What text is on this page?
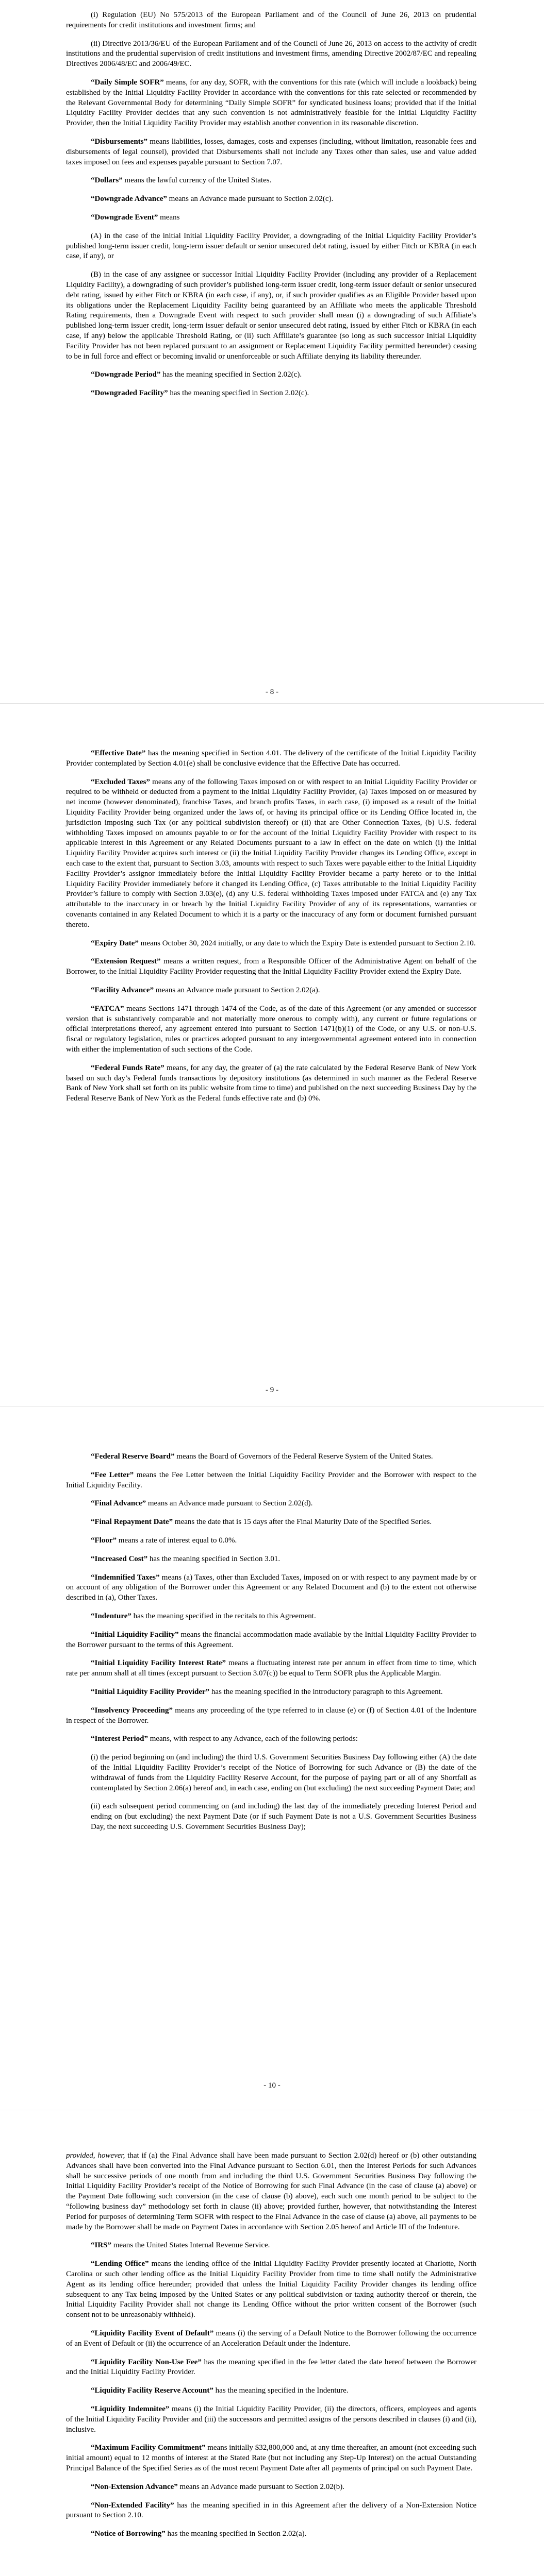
(i) Regulation (EU) No 575/2013 of the European Parliament and of the Council of June 26, 2013 on prudential requirements for credit institutions and investment firms; and

(ii) Directive 2013/36/EU of the European Parliament and of the Council of June 26, 2013 on access to the activity of credit institutions and the prudential supervision of credit institutions and investment firms, amending Directive 2002/87/EC and repealing Directives 2006/48/EC and 2006/49/EC.

“Daily Simple SOFR” means, for any day, SOFR, with the conventions for this rate (which will include a lookback) being established by the Initial Liquidity Facility Provider in accordance with the conventions for this rate selected or recommended by the Relevant Governmental Body for determining “Daily Simple SOFR” for syndicated business loans; provided that if the Initial Liquidity Facility Provider decides that any such convention is not administratively feasible for the Initial Liquidity Facility Provider, then the Initial Liquidity Facility Provider may establish another convention in its reasonable discretion.

“Disbursements” means liabilities, losses, damages, costs and expenses (including, without limitation, reasonable fees and disbursements of legal counsel), provided that Disbursements shall not include any Taxes other than sales, use and value added taxes imposed on fees and expenses payable pursuant to Section 7.07.

“Dollars” means the lawful currency of the United States.

“Downgrade Advance” means an Advance made pursuant to Section 2.02(c).

“Downgrade Event” means

(A) in the case of the initial Initial Liquidity Facility Provider, a downgrading of the Initial Liquidity Facility Provider’s published long-term issuer credit, long-term issuer default or senior unsecured debt rating, issued by either Fitch or KBRA (in each case, if any), or

(B) in the case of any assignee or successor Initial Liquidity Facility Provider (including any provider of a Replacement Liquidity Facility), a downgrading of such provider’s published long-term issuer credit, long-term issuer default or senior unsecured debt rating, issued by either Fitch or KBRA (in each case, if any), or, if such provider qualifies as an Eligible Provider based upon its obligations under the Replacement Liquidity Facility being guaranteed by an Affiliate who meets the applicable Threshold Rating requirements, then a Downgrade Event with respect to such provider shall mean (i) a downgrading of such Affiliate’s published long-term issuer credit, long-term issuer default or senior unsecured debt rating, issued by either Fitch or KBRA (in each case, if any) below the applicable Threshold Rating, or (ii) such Affiliate’s guarantee (so long as such successor Initial Liquidity Facility Provider has not been replaced pursuant to an assignment or Replacement Liquidity Facility permitted hereunder) ceasing to be in full force and effect or becoming invalid or unenforceable or such Affiliate denying its liability thereunder.

“Downgrade Period” has the meaning specified in Section 2.02(c).

“Downgraded Facility” has the meaning specified in Section 2.02(c).

- 8 -

“Effective Date” has the meaning specified in Section 4.01. The delivery of the certificate of the Initial Liquidity Facility Provider contemplated by Section 4.01(e) shall be conclusive evidence that the Effective Date has occurred.

“Excluded Taxes” means any of the following Taxes imposed on or with respect to an Initial Liquidity Facility Provider or required to be withheld or deducted from a payment to the Initial Liquidity Facility Provider, (a) Taxes imposed on or measured by net income (however denominated), franchise Taxes, and branch profits Taxes, in each case, (i) imposed as a result of the Initial Liquidity Facility Provider being organized under the laws of, or having its principal office or its Lending Office located in, the jurisdiction imposing such Tax (or any political subdivision thereof) or (ii) that are Other Connection Taxes, (b) U.S. federal withholding Taxes imposed on amounts payable to or for the account of the Initial Liquidity Facility Provider with respect to its applicable interest in this Agreement or any Related Documents pursuant to a law in effect on the date on which (i) the Initial Liquidity Facility Provider acquires such interest or (ii) the Initial Liquidity Facility Provider changes its Lending Office, except in each case to the extent that, pursuant to Section 3.03, amounts with respect to such Taxes were payable either to the Initial Liquidity Facility Provider’s assignor immediately before the Initial Liquidity Facility Provider became a party hereto or to the Initial Liquidity Facility Provider immediately before it changed its Lending Office, (c) Taxes attributable to the Initial Liquidity Facility Provider’s failure to comply with Section 3.03(e), (d) any U.S. federal withholding Taxes imposed under FATCA and (e) any Tax attributable to the inaccuracy in or breach by the Initial Liquidity Facility Provider of any of its representations, warranties or covenants contained in any Related Document to which it is a party or the inaccuracy of any form or document furnished pursuant thereto.

“Expiry Date” means October 30, 2024 initially, or any date to which the Expiry Date is extended pursuant to Section 2.10.

“Extension Request” means a written request, from a Responsible Officer of the Administrative Agent on behalf of the Borrower, to the Initial Liquidity Facility Provider requesting that the Initial Liquidity Facility Provider extend the Expiry Date.

“Facility Advance” means an Advance made pursuant to Section 2.02(a).

“FATCA” means Sections 1471 through 1474 of the Code, as of the date of this Agreement (or any amended or successor version that is substantively comparable and not materially more onerous to comply with), any current or future regulations or official interpretations thereof, any agreement entered into pursuant to Section 1471(b)(1) of the Code, or any U.S. or non-U.S. fiscal or regulatory legislation, rules or practices adopted pursuant to any intergovernmental agreement entered into in connection with either the implementation of such sections of the Code.

“Federal Funds Rate” means, for any day, the greater of (a) the rate calculated by the Federal Reserve Bank of New York based on such day’s Federal funds transactions by depository institutions (as determined in such manner as the Federal Reserve Bank of New York shall set forth on its public website from time to time) and published on the next succeeding Business Day by the Federal Reserve Bank of New York as the Federal funds effective rate and (b) 0%.

- 9 -

“Federal Reserve Board” means the Board of Governors of the Federal Reserve System of the United States.

“Fee Letter” means the Fee Letter between the Initial Liquidity Facility Provider and the Borrower with respect to the Initial Liquidity Facility.

“Final Advance” means an Advance made pursuant to Section 2.02(d).

“Final Repayment Date” means the date that is 15 days after the Final Maturity Date of the Specified Series.

“Floor” means a rate of interest equal to 0.0%.

“Increased Cost” has the meaning specified in Section 3.01.

“Indemnified Taxes” means (a) Taxes, other than Excluded Taxes, imposed on or with respect to any payment made by or on account of any obligation of the Borrower under this Agreement or any Related Document and (b) to the extent not otherwise described in (a), Other Taxes.

“Indenture” has the meaning specified in the recitals to this Agreement.

“Initial Liquidity Facility” means the financial accommodation made available by the Initial Liquidity Facility Provider to the Borrower pursuant to the terms of this Agreement.

“Initial Liquidity Facility Interest Rate” means a fluctuating interest rate per annum in effect from time to time, which rate per annum shall at all times (except pursuant to Section 3.07(c)) be equal to Term SOFR plus the Applicable Margin.

“Initial Liquidity Facility Provider” has the meaning specified in the introductory paragraph to this Agreement.

“Insolvency Proceeding” means any proceeding of the type referred to in clause (e) or (f) of Section 4.01 of the Indenture in respect of the Borrower.

“Interest Period” means, with respect to any Advance, each of the following periods:

(i) the period beginning on (and including) the third U.S. Government Securities Business Day following either (A) the date of the Initial Liquidity Facility Provider’s receipt of the Notice of Borrowing for such Advance or (B) the date of the withdrawal of funds from the Liquidity Facility Reserve Account, for the purpose of paying part or all of any Shortfall as contemplated by Section 2.06(a) hereof and, in each case, ending on (but excluding) the next succeeding Payment Date; and

(ii) each subsequent period commencing on (and including) the last day of the immediately preceding Interest Period and ending on (but excluding) the next Payment Date (or if such Payment Date is not a U.S. Government Securities Business Day, the next succeeding U.S. Government Securities Business Day);

- 10 -

provided, however, that if (a) the Final Advance shall have been made pursuant to Section 2.02(d) hereof or (b) other outstanding Advances shall have been converted into the Final Advance pursuant to Section 6.01, then the Interest Periods for such Advances shall be successive periods of one month from and including the third U.S. Government Securities Business Day following the Initial Liquidity Facility Provider’s receipt of the Notice of Borrowing for such Final Advance (in the case of clause (a) above) or the Payment Date following such conversion (in the case of clause (b) above), each such one month period to be subject to the “following business day” methodology set forth in clause (ii) above; provided further, however, that notwithstanding the Interest Period for purposes of determining Term SOFR with respect to the Final Advance in the case of clause (a) above, all payments to be made by the Borrower shall be made on Payment Dates in accordance with Section 2.05 hereof and Article III of the Indenture.

“IRS” means the United States Internal Revenue Service.

“Lending Office” means the lending office of the Initial Liquidity Facility Provider presently located at Charlotte, North Carolina or such other lending office as the Initial Liquidity Facility Provider from time to time shall notify the Administrative Agent as its lending office hereunder; provided that unless the Initial Liquidity Facility Provider changes its lending office subsequent to any Tax being imposed by the United States or any political subdivision or taxing authority thereof or therein, the Initial Liquidity Facility Provider shall not change its Lending Office without the prior written consent of the Borrower (such consent not to be unreasonably withheld).

“Liquidity Facility Event of Default” means (i) the serving of a Default Notice to the Borrower following the occurrence of an Event of Default or (ii) the occurrence of an Acceleration Default under the Indenture.

“Liquidity Facility Non-Use Fee” has the meaning specified in the fee letter dated the date hereof between the Borrower and the Initial Liquidity Facility Provider.

“Liquidity Facility Reserve Account” has the meaning specified in the Indenture.

“Liquidity Indemnitee” means (i) the Initial Liquidity Facility Provider, (ii) the directors, officers, employees and agents of the Initial Liquidity Facility Provider and (iii) the successors and permitted assigns of the persons described in clauses (i) and (ii), inclusive.

“Maximum Facility Commitment” means initially $32,800,000 and, at any time thereafter, an amount (not exceeding such initial amount) equal to 12 months of interest at the Stated Rate (but not including any Step-Up Interest) on the actual Outstanding Principal Balance of the Specified Series as of the most recent Payment Date after all payments of principal on such Payment Date.

“Non-Extension Advance” means an Advance made pursuant to Section 2.02(b).

“Non-Extended Facility” has the meaning specified in in this Agreement after the delivery of a Non-Extension Notice pursuant to Section 2.10.

“Notice of Borrowing” has the meaning specified in Section 2.02(a).
